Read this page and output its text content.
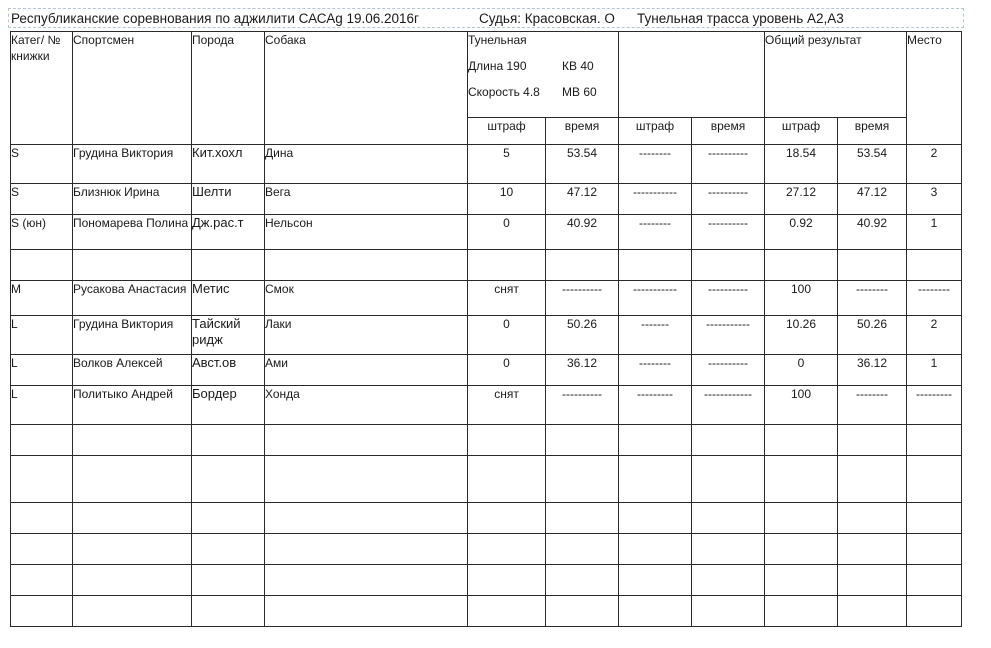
Республиканские соревнования по аджилити САСАg 19.06.2016г	Судья: Красовская. О Тунельная трасса уровень А2,А3
Катег/ № книжки	Спортсмен	Порода	Собака	Тунельная
Длина 190 КВ 40
Скорость 4.8 МВ 60				Общий результат		Место
				штраф	время	штраф	время	штраф	время	
S	Грудина Виктория	Кит.хохл	Дина	5	53.54	--------	----------	18.54	53.54	2
S	Близнюк Ирина	Шелти	Вега	10	47.12	-----------	----------	27.12	47.12	3
S (юн)	Пономарева Полина	Дж.рас.т	Нельсон	0	40.92	--------	----------	0.92	40.92	1

M	Русакова Анастасия	Метис	Смок	снят	----------	-----------	----------	100	--------	--------
L	Грудина Виктория	Тайский ридж	Лаки	0	50.26	-------	-----------	10.26	50.26	2
L	Волков Алексей	Авст.ов	Ами	0	36.12	--------	----------	0	36.12	1
L	Политыко Андрей	Бордер	Хонда	снят	----------	---------	------------	100	--------	---------
